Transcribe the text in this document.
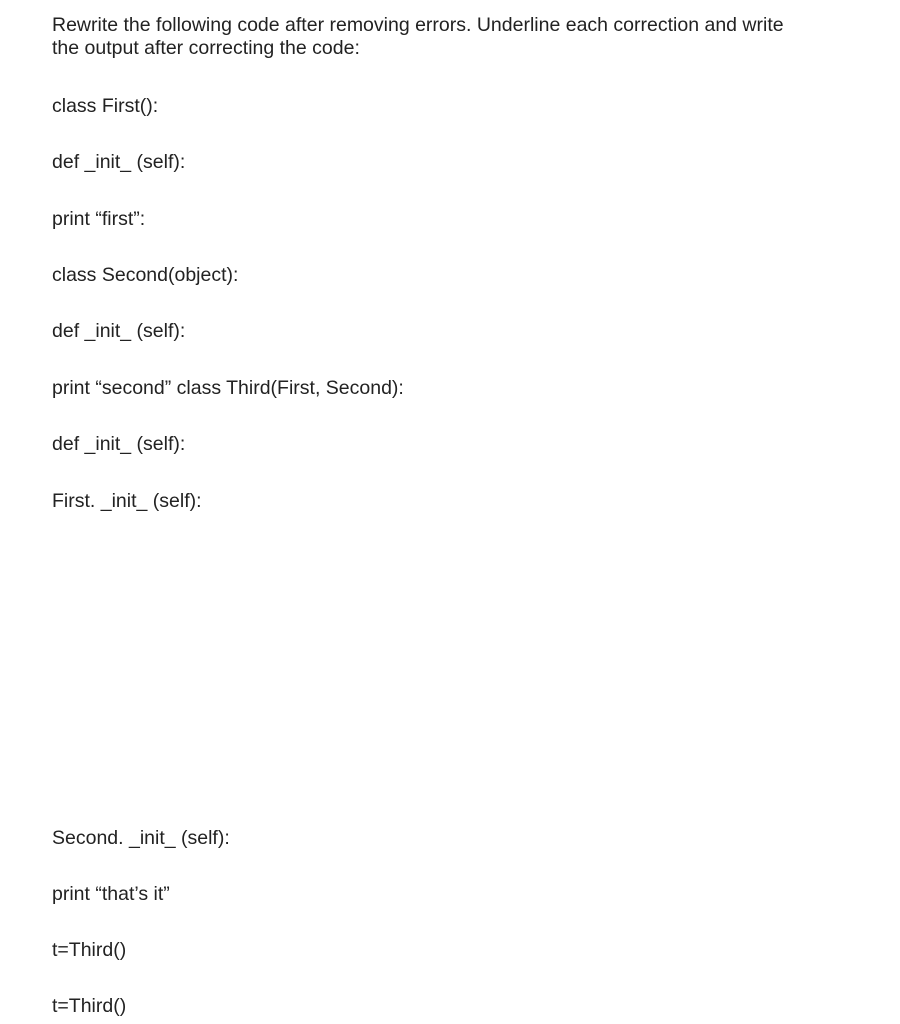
Rewrite the following code after removing errors. Underline each correction and write
the output after correcting the code:

class First():

def _init_ (self):

print “first”:

class Second(object):

def _init_ (self):

print “second” class Third(First, Second):

def _init_ (self):

First. _init_ (self):

Second. _init_ (self):

print “that’s it”

t=Third()

t=Third()
